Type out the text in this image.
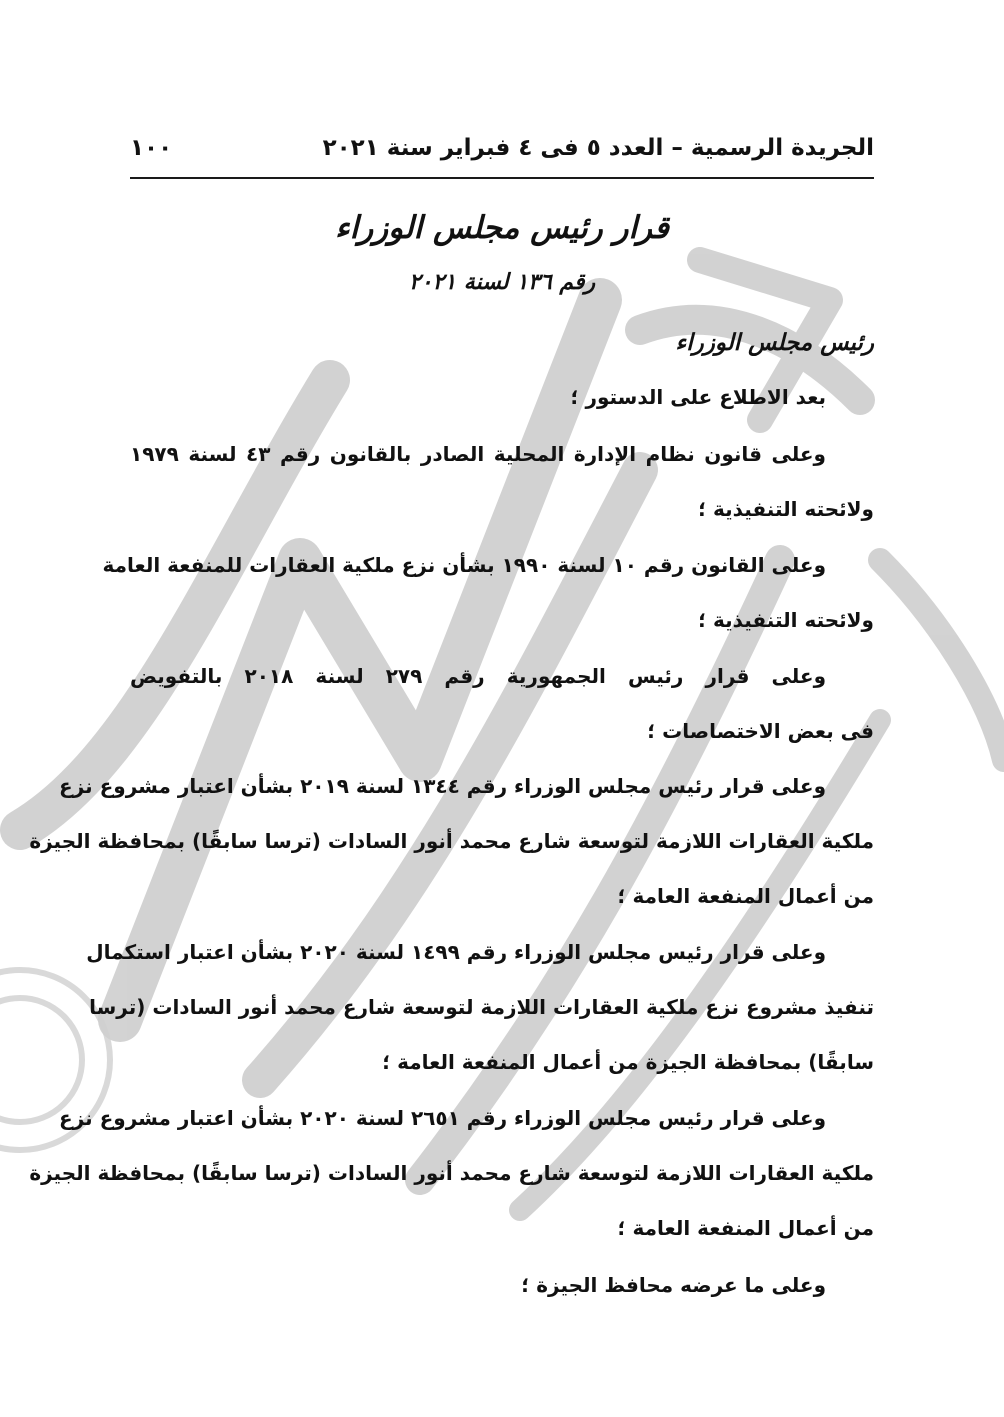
الجريدة الرسمية – العدد ٥ فى ٤ فبراير سنة ٢٠٢١
١٠٠
قرار رئيس مجلس الوزراء
رقم ١٣٦ لسنة ٢٠٢١
رئيس مجلس الوزراء
بعد الاطلاع على الدستور ؛
وعلى قانون نظام الإدارة المحلية الصادر بالقانون رقم ٤٣ لسنة ١٩٧٩
ولائحته التنفيذية ؛
وعلى القانون رقم ١٠ لسنة ١٩٩٠ بشأن نزع ملكية العقارات للمنفعة العامة
ولائحته التنفيذية ؛
وعلى قرار رئيس الجمهورية رقم ٢٧٩ لسنة ٢٠١٨ بالتفويض
فى بعض الاختصاصات ؛
وعلى قرار رئيس مجلس الوزراء رقم ١٣٤٤ لسنة ٢٠١٩ بشأن اعتبار مشروع نزع
ملكية العقارات اللازمة لتوسعة شارع محمد أنور السادات (ترسا سابقًا) بمحافظة الجيزة
من أعمال المنفعة العامة ؛
وعلى قرار رئيس مجلس الوزراء رقم ١٤٩٩ لسنة ٢٠٢٠ بشأن اعتبار استكمال
تنفيذ مشروع نزع ملكية العقارات اللازمة لتوسعة شارع محمد أنور السادات (ترسا
سابقًا) بمحافظة الجيزة من أعمال المنفعة العامة ؛
وعلى قرار رئيس مجلس الوزراء رقم ٢٦٥١ لسنة ٢٠٢٠ بشأن اعتبار مشروع نزع
ملكية العقارات اللازمة لتوسعة شارع محمد أنور السادات (ترسا سابقًا) بمحافظة الجيزة
من أعمال المنفعة العامة ؛
وعلى ما عرضه محافظ الجيزة ؛
